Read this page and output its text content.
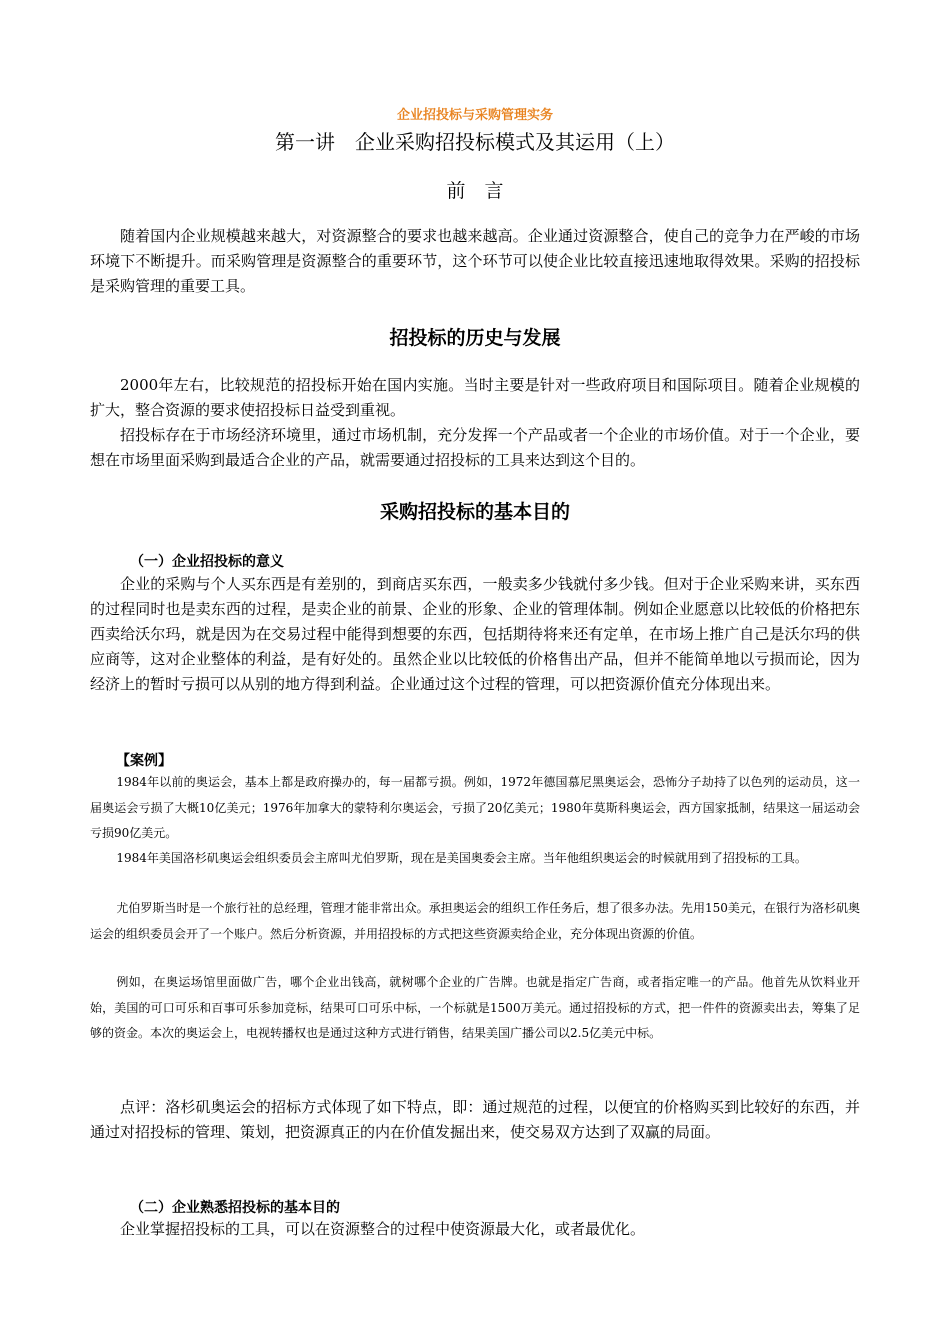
企业招投标与采购管理实务
第一讲　企业采购招投标模式及其运用（上）
前　言

随着国内企业规模越来越大，对资源整合的要求也越来越高。企业通过资源整合，使自己的竞争力在严峻的市场环境下不断提升。而采购管理是资源整合的重要环节，这个环节可以使企业比较直接迅速地取得效果。采购的招投标是采购管理的重要工具。

招投标的历史与发展

2000年左右，比较规范的招投标开始在国内实施。当时主要是针对一些政府项目和国际项目。随着企业规模的扩大，整合资源的要求使招投标日益受到重视。

招投标存在于市场经济环境里，通过市场机制，充分发挥一个产品或者一个企业的市场价值。对于一个企业，要想在市场里面采购到最适合企业的产品，就需要通过招投标的工具来达到这个目的。

采购招投标的基本目的
（一）企业招投标的意义

企业的采购与个人买东西是有差别的，到商店买东西，一般卖多少钱就付多少钱。但对于企业采购来讲，买东西的过程同时也是卖东西的过程，是卖企业的前景、企业的形象、企业的管理体制。例如企业愿意以比较低的价格把东西卖给沃尔玛，就是因为在交易过程中能得到想要的东西，包括期待将来还有定单，在市场上推广自己是沃尔玛的供应商等，这对企业整体的利益，是有好处的。虽然企业以比较低的价格售出产品，但并不能简单地以亏损而论，因为经济上的暂时亏损可以从别的地方得到利益。企业通过这个过程的管理，可以把资源价值充分体现出来。

【案例】

1984年以前的奥运会，基本上都是政府操办的，每一届都亏损。例如，1972年德国慕尼黑奥运会，恐怖分子劫持了以色列的运动员，这一届奥运会亏损了大概10亿美元；1976年加拿大的蒙特利尔奥运会，亏损了20亿美元；1980年莫斯科奥运会，西方国家抵制，结果这一届运动会亏损90亿美元。

1984年美国洛杉矶奥运会组织委员会主席叫尤伯罗斯，现在是美国奥委会主席。当年他组织奥运会的时候就用到了招投标的工具。

尤伯罗斯当时是一个旅行社的总经理，管理才能非常出众。承担奥运会的组织工作任务后，想了很多办法。先用150美元，在银行为洛杉矶奥运会的组织委员会开了一个账户。然后分析资源，并用招投标的方式把这些资源卖给企业，充分体现出资源的价值。

例如，在奥运场馆里面做广告，哪个企业出钱高，就树哪个企业的广告牌。也就是指定广告商，或者指定唯一的产品。他首先从饮料业开始，美国的可口可乐和百事可乐参加竞标，结果可口可乐中标，一个标就是1500万美元。通过招投标的方式，把一件件的资源卖出去，筹集了足够的资金。本次的奥运会上，电视转播权也是通过这种方式进行销售，结果美国广播公司以2.5亿美元中标。

点评：洛杉矶奥运会的招标方式体现了如下特点，即：通过规范的过程，以便宜的价格购买到比较好的东西，并通过对招投标的管理、策划，把资源真正的内在价值发掘出来，使交易双方达到了双赢的局面。

（二）企业熟悉招投标的基本目的

企业掌握招投标的工具，可以在资源整合的过程中使资源最大化，或者最优化。
